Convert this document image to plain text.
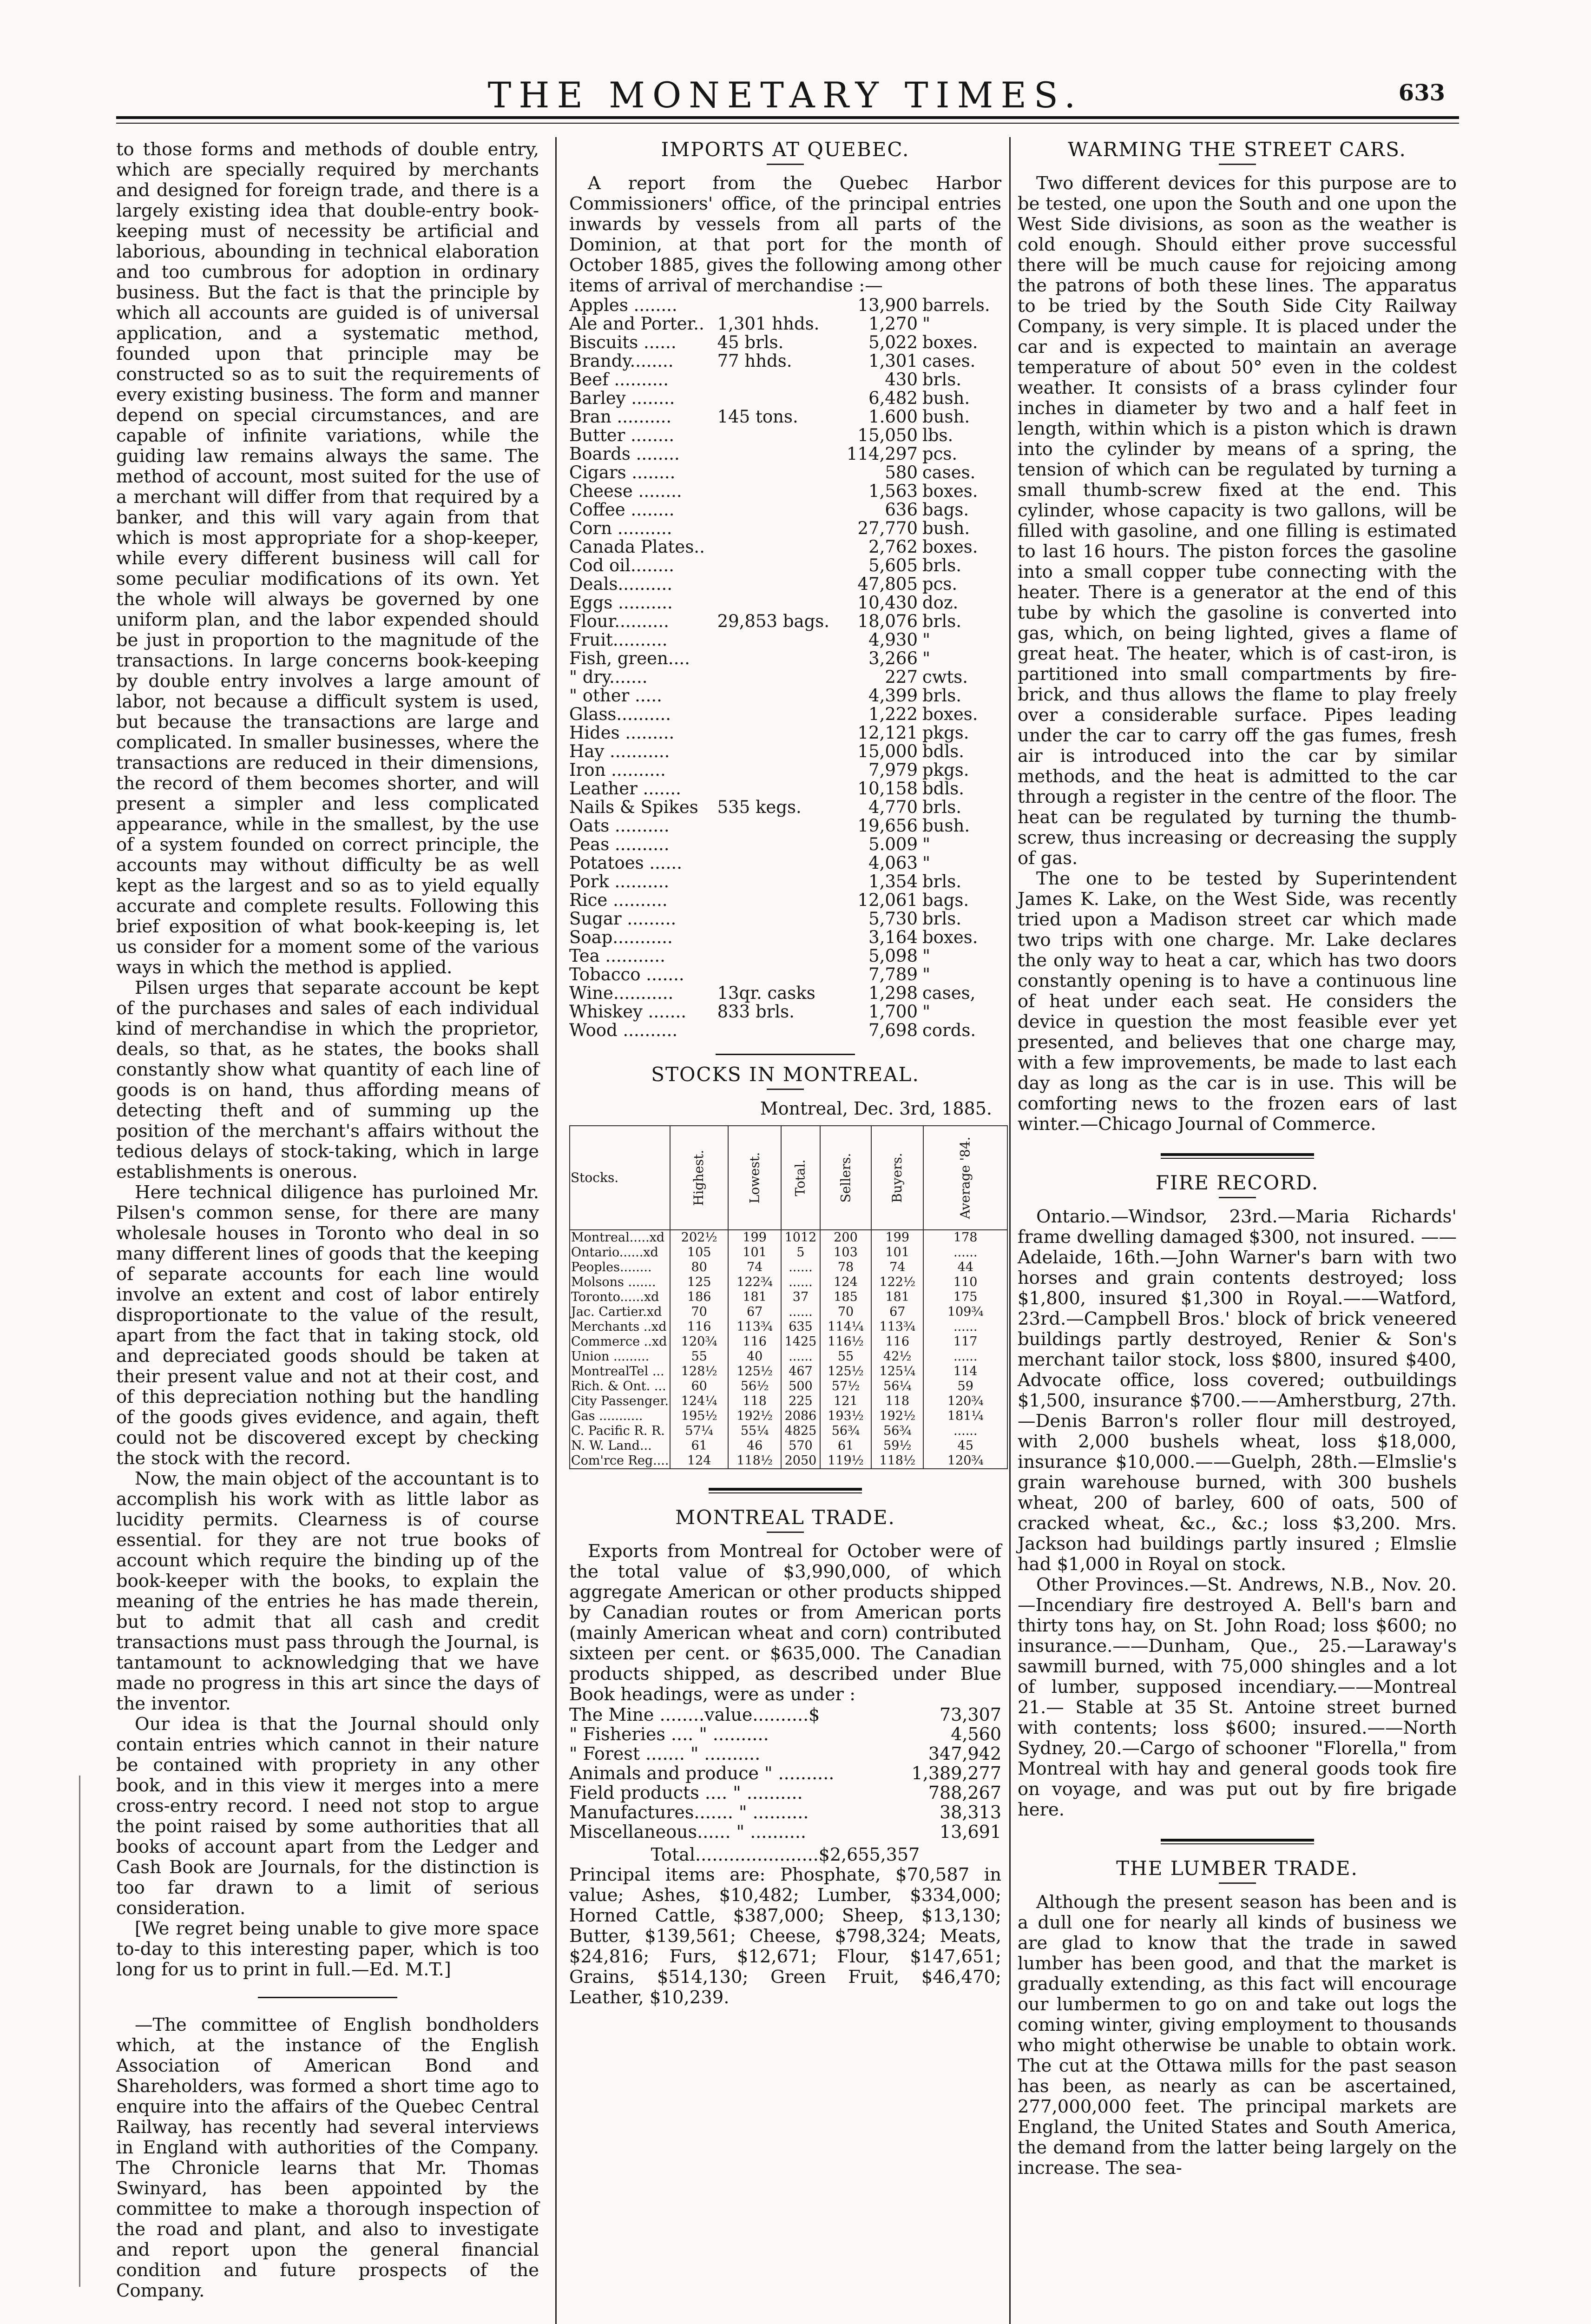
THE MONETARY TIMES.	633

to those forms and methods of double entry, which are specially required by merchants and designed for foreign trade, and there is a largely existing idea that double-entry book-keeping must of necessity be artificial and laborious, abounding in technical elaboration and too cumbrous for adoption in ordinary business. But the fact is that the principle by which all accounts are guided is of universal application, and a systematic method, founded upon that principle may be constructed so as to suit the requirements of every existing business. The form and manner depend on special circumstances, and are capable of infinite variations, while the guiding law remains always the same. The method of account, most suited for the use of a merchant will differ from that required by a banker, and this will vary again from that which is most appropriate for a shop-keeper, while every different business will call for some peculiar modifications of its own. Yet the whole will always be governed by one uniform plan, and the labor expended should be just in proportion to the magnitude of the transactions. In large concerns book-keeping by double entry involves a large amount of labor, not because a difficult system is used, but because the transactions are large and complicated. In smaller businesses, where the transactions are reduced in their dimensions, the record of them becomes shorter, and will present a simpler and less complicated appearance, while in the smallest, by the use of a system founded on correct principle, the accounts may without difficulty be as well kept as the largest and so as to yield equally accurate and complete results. Following this brief exposition of what book-keeping is, let us consider for a moment some of the various ways in which the method is applied.

Pilsen urges that separate account be kept of the purchases and sales of each individual kind of merchandise in which the proprietor, deals, so that, as he states, the books shall constantly show what quantity of each line of goods is on hand, thus affording means of detecting theft and of summing up the position of the merchant's affairs without the tedious delays of stock-taking, which in large establishments is onerous.

Here technical diligence has purloined Mr. Pilsen's common sense, for there are many wholesale houses in Toronto who deal in so many different lines of goods that the keeping of separate accounts for each line would involve an extent and cost of labor entirely disproportionate to the value of the result, apart from the fact that in taking stock, old and depreciated goods should be taken at their present value and not at their cost, and of this depreciation nothing but the handling of the goods gives evidence, and again, theft could not be discovered except by checking the stock with the record.

Now, the main object of the accountant is to accomplish his work with as little labor as lucidity permits. Clearness is of course essential. for they are not true books of account which require the binding up of the book-keeper with the books, to explain the meaning of the entries he has made therein, but to admit that all cash and credit transactions must pass through the Journal, is tantamount to acknowledging that we have made no progress in this art since the days of the inventor.

Our idea is that the Journal should only contain entries which cannot in their nature be contained with propriety in any other book, and in this view it merges into a mere cross-entry record. I need not stop to argue the point raised by some authorities that all books of account apart from the Ledger and Cash Book are Journals, for the distinction is too far drawn to a limit of serious consideration.

[We regret being unable to give more space to-day to this interesting paper, which is too long for us to print in full.—Ed. M.T.]

—The committee of English bondholders which, at the instance of the English Association of American Bond and Shareholders, was formed a short time ago to enquire into the affairs of the Quebec Central Railway, has recently had several interviews in England with authorities of the Company. The Chronicle learns that Mr. Thomas Swinyard, has been appointed by the committee to make a thorough inspection of the road and plant, and also to investigate and report upon the general financial condition and future prospects of the Company.

IMPORTS AT QUEBEC.

A report from the Quebec Harbor Commissioners' office, of the principal entries inwards by vessels from all parts of the Dominion, at that port for the month of October 1885, gives the following among other items of arrival of merchandise :—

Apples ........		13,900	barrels.
Ale and Porter..	1,301 hhds.	1,270	"
Biscuits ......	45 brls.	5,022	boxes.
Brandy........	77 hhds.	1,301	cases.
Beef ..........		430	brls.
Barley ........		6,482	bush.
Bran ..........	145 tons.	1.600	bush.
Butter ........		15,050	lbs.
Boards ........		114,297	pcs.
Cigars ........		580	cases.
Cheese ........		1,563	boxes.
Coffee ........		636	bags.
Corn ..........		27,770	bush.
Canada Plates..		2,762	boxes.
Cod oil........		5,605	brls.
Deals..........		47,805	pcs.
Eggs ..........		10,430	doz.
Flour..........	29,853 bags.	18,076	brls.
Fruit..........		4,930	"
Fish, green....		3,266	"
" dry.......		227	cwts.
" other .....		4,399	brls.
Glass..........		1,222	boxes.
Hides .........		12,121	pkgs.
Hay ...........		15,000	bdls.
Iron ..........		7,979	pkgs.
Leather .......		10,158	bdls.
Nails & Spikes	535 kegs.	4,770	brls.
Oats ..........		19,656	bush.
Peas ..........		5.009	"
Potatoes ......		4,063	"
Pork ..........		1,354	brls.
Rice ..........		12,061	bags.
Sugar .........		5,730	brls.
Soap...........		3,164	boxes.
Tea ...........		5,098	"
Tobacco .......		7,789	"
Wine...........	13qr. casks	1,298	cases,
Whiskey .......	833 brls.	1,700	"
Wood ..........		7,698	cords.
STOCKS IN MONTREAL.
Montreal, Dec. 3rd, 1885.
Stocks.	Highest.	Lowest.	Total.	Sellers.	Buyers.	Average '84.
Montreal.....xd	202½	199	1012	200	199	178
Ontario......xd	105	101	5	103	101	......
Peoples........	80	74	......	78	74	44
Molsons .......	125	122¾	......	124	122½	110
Toronto......xd	186	181	37	185	181	175
Jac. Cartier.xd	70	67	......	70	67	109¾
Merchants ..xd	116	113¾	635	114¼	113¾	......
Commerce ..xd	120¾	116	1425	116½	116	117
Union .........	55	40	......	55	42½	......
MontrealTel ...	128½	125½	467	125½	125¼	114
Rich. & Ont. ...	60	56½	500	57½	56¼	59
City Passenger.	124¼	118	225	121	118	120¾
Gas ...........	195½	192½	2086	193½	192½	181¼
C. Pacific R. R.	57¼	55¼	4825	56¾	56¾	......
N. W. Land...	61	46	570	61	59½	45
Com'rce Reg....	124	118½	2050	119½	118½	120¾
MONTREAL TRADE.

Exports from Montreal for October were of the total value of $3,990,000, of which aggregate American or other products shipped by Canadian routes or from American ports (mainly American wheat and corn) contributed sixteen per cent. or $635,000. The Canadian products shipped, as described under Blue Book headings, were as under :

The Mine ........value..........$	73,307
" Fisheries .... " ..........	4,560
" Forest ....... " ..........	347,942
Animals and produce " ..........	1,389,277
Field products .... " ..........	788,267
Manufactures....... " ..........	38,313
Miscellaneous...... " ..........	13,691
Total......................$2,655,357

Principal items are: Phosphate, $70,587 in value; Ashes, $10,482; Lumber, $334,000; Horned Cattle, $387,000; Sheep, $13,130; Butter, $139,561; Cheese, $798,324; Meats, $24,816; Furs, $12,671; Flour, $147,651; Grains, $514,130; Green Fruit, $46,470; Leather, $10,239.

WARMING THE STREET CARS.

Two different devices for this purpose are to be tested, one upon the South and one upon the West Side divisions, as soon as the weather is cold enough. Should either prove successful there will be much cause for rejoicing among the patrons of both these lines. The apparatus to be tried by the South Side City Railway Company, is very simple. It is placed under the car and is expected to maintain an average temperature of about 50° even in the coldest weather. It consists of a brass cylinder four inches in diameter by two and a half feet in length, within which is a piston which is drawn into the cylinder by means of a spring, the tension of which can be regulated by turning a small thumb-screw fixed at the end. This cylinder, whose capacity is two gallons, will be filled with gasoline, and one filling is estimated to last 16 hours. The piston forces the gasoline into a small copper tube connecting with the heater. There is a generator at the end of this tube by which the gasoline is converted into gas, which, on being lighted, gives a flame of great heat. The heater, which is of cast-iron, is partitioned into small compartments by fire-brick, and thus allows the flame to play freely over a considerable surface. Pipes leading under the car to carry off the gas fumes, fresh air is introduced into the car by similar methods, and the heat is admitted to the car through a register in the centre of the floor. The heat can be regulated by turning the thumb-screw, thus increasing or decreasing the supply of gas.

The one to be tested by Superintendent James K. Lake, on the West Side, was recently tried upon a Madison street car which made two trips with one charge. Mr. Lake declares the only way to heat a car, which has two doors constantly opening is to have a continuous line of heat under each seat. He considers the device in question the most feasible ever yet presented, and believes that one charge may, with a few improvements, be made to last each day as long as the car is in use. This will be comforting news to the frozen ears of last winter.—Chicago Journal of Commerce.

FIRE RECORD.

Ontario.—Windsor, 23rd.—Maria Richards' frame dwelling damaged $300, not insured. ——Adelaide, 16th.—John Warner's barn with two horses and grain contents destroyed; loss $1,800, insured $1,300 in Royal.——Watford, 23rd.—Campbell Bros.' block of brick veneered buildings partly destroyed, Renier & Son's merchant tailor stock, loss $800, insured $400, Advocate office, loss covered; outbuildings $1,500, insurance $700.——Amherstburg, 27th. —Denis Barron's roller flour mill destroyed, with 2,000 bushels wheat, loss $18,000, insurance $10,000.——Guelph, 28th.—Elmslie's grain warehouse burned, with 300 bushels wheat, 200 of barley, 600 of oats, 500 of cracked wheat, &c., &c.; loss $3,200. Mrs. Jackson had buildings partly insured ; Elmslie had $1,000 in Royal on stock.

Other Provinces.—St. Andrews, N.B., Nov. 20.—Incendiary fire destroyed A. Bell's barn and thirty tons hay, on St. John Road; loss $600; no insurance.——Dunham, Que., 25.—Laraway's sawmill burned, with 75,000 shingles and a lot of lumber, supposed incendiary.——Montreal 21.— Stable at 35 St. Antoine street burned with contents; loss $600; insured.——North Sydney, 20.—Cargo of schooner "Florella," from Montreal with hay and general goods took fire on voyage, and was put out by fire brigade here.

THE LUMBER TRADE.

Although the present season has been and is a dull one for nearly all kinds of business we are glad to know that the trade in sawed lumber has been good, and that the market is gradually extending, as this fact will encourage our lumbermen to go on and take out logs the coming winter, giving employment to thousands who might otherwise be unable to obtain work. The cut at the Ottawa mills for the past season has been, as nearly as can be ascertained, 277,000,000 feet. The principal markets are England, the United States and South America, the demand from the latter being largely on the increase. The sea-
